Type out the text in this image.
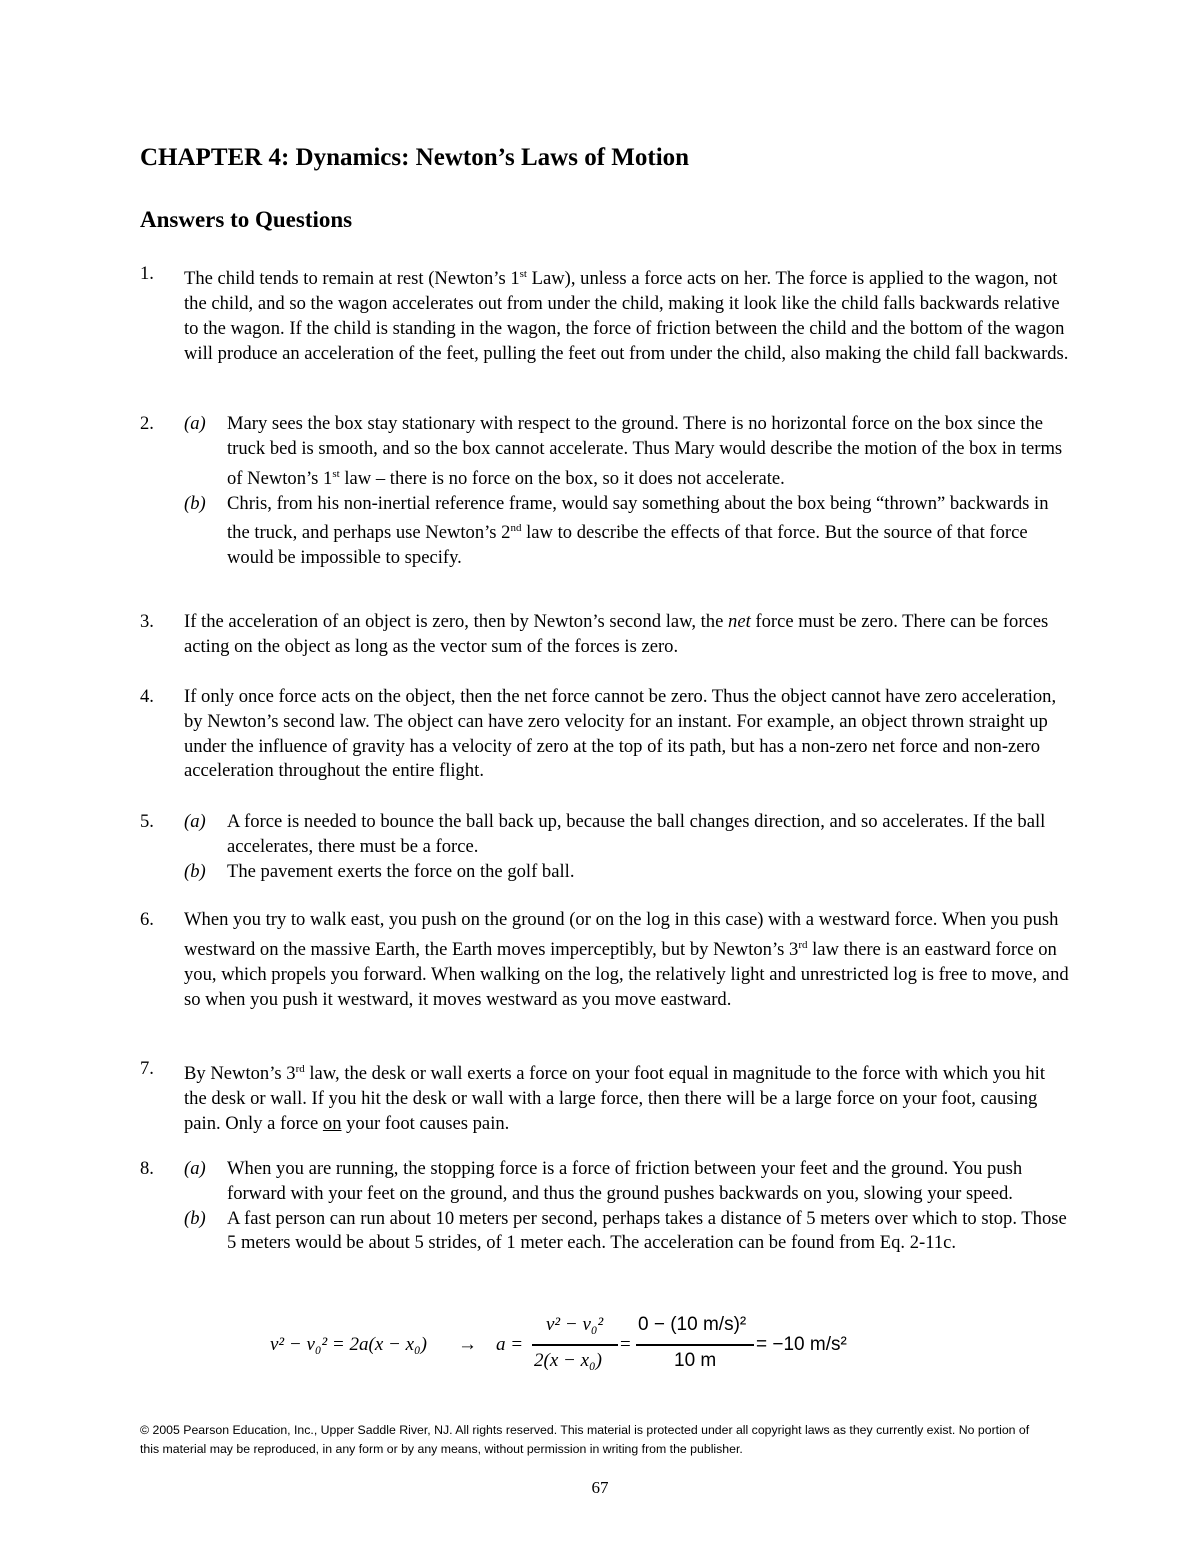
CHAPTER 4: Dynamics: Newton’s Laws of Motion
Answers to Questions
1. The child tends to remain at rest (Newton’s 1st Law), unless a force acts on her. The force is applied to the wagon, not the child, and so the wagon accelerates out from under the child, making it look like the child falls backwards relative to the wagon. If the child is standing in the wagon, the force of friction between the child and the bottom of the wagon will produce an acceleration of the feet, pulling the feet out from under the child, also making the child fall backwards.
2. (a) Mary sees the box stay stationary with respect to the ground. There is no horizontal force on the box since the truck bed is smooth, and so the box cannot accelerate. Thus Mary would describe the motion of the box in terms of Newton’s 1st law – there is no force on the box, so it does not accelerate.
(b) Chris, from his non-inertial reference frame, would say something about the box being “thrown” backwards in the truck, and perhaps use Newton’s 2nd law to describe the effects of that force. But the source of that force would be impossible to specify.
3. If the acceleration of an object is zero, then by Newton’s second law, the net force must be zero. There can be forces acting on the object as long as the vector sum of the forces is zero.
4. If only once force acts on the object, then the net force cannot be zero. Thus the object cannot have zero acceleration, by Newton’s second law. The object can have zero velocity for an instant. For example, an object thrown straight up under the influence of gravity has a velocity of zero at the top of its path, but has a non-zero net force and non-zero acceleration throughout the entire flight.
5. (a) A force is needed to bounce the ball back up, because the ball changes direction, and so accelerates. If the ball accelerates, there must be a force.
(b) The pavement exerts the force on the golf ball.
6. When you try to walk east, you push on the ground (or on the log in this case) with a westward force. When you push westward on the massive Earth, the Earth moves imperceptibly, but by Newton’s 3rd law there is an eastward force on you, which propels you forward. When walking on the log, the relatively light and unrestricted log is free to move, and so when you push it westward, it moves westward as you move eastward.
7. By Newton’s 3rd law, the desk or wall exerts a force on your foot equal in magnitude to the force with which you hit the desk or wall. If you hit the desk or wall with a large force, then there will be a large force on your foot, causing pain. Only a force on your foot causes pain.
8. (a) When you are running, the stopping force is a force of friction between your feet and the ground. You push forward with your feet on the ground, and thus the ground pushes backwards on you, slowing your speed.
(b) A fast person can run about 10 meters per second, perhaps takes a distance of 5 meters over which to stop. Those 5 meters would be about 5 strides, of 1 meter each. The acceleration can be found from Eq. 2-11c.
v² − v₀² = 2a(x − x₀) → a =
v² − v₀²
2(x − x₀)
=
0 − (10 m/s)²
10 m
= −10 m/s²
© 2005 Pearson Education, Inc., Upper Saddle River, NJ. All rights reserved. This material is protected under all copyright laws as they currently exist. No portion of this material may be reproduced, in any form or by any means, without permission in writing from the publisher.
67
